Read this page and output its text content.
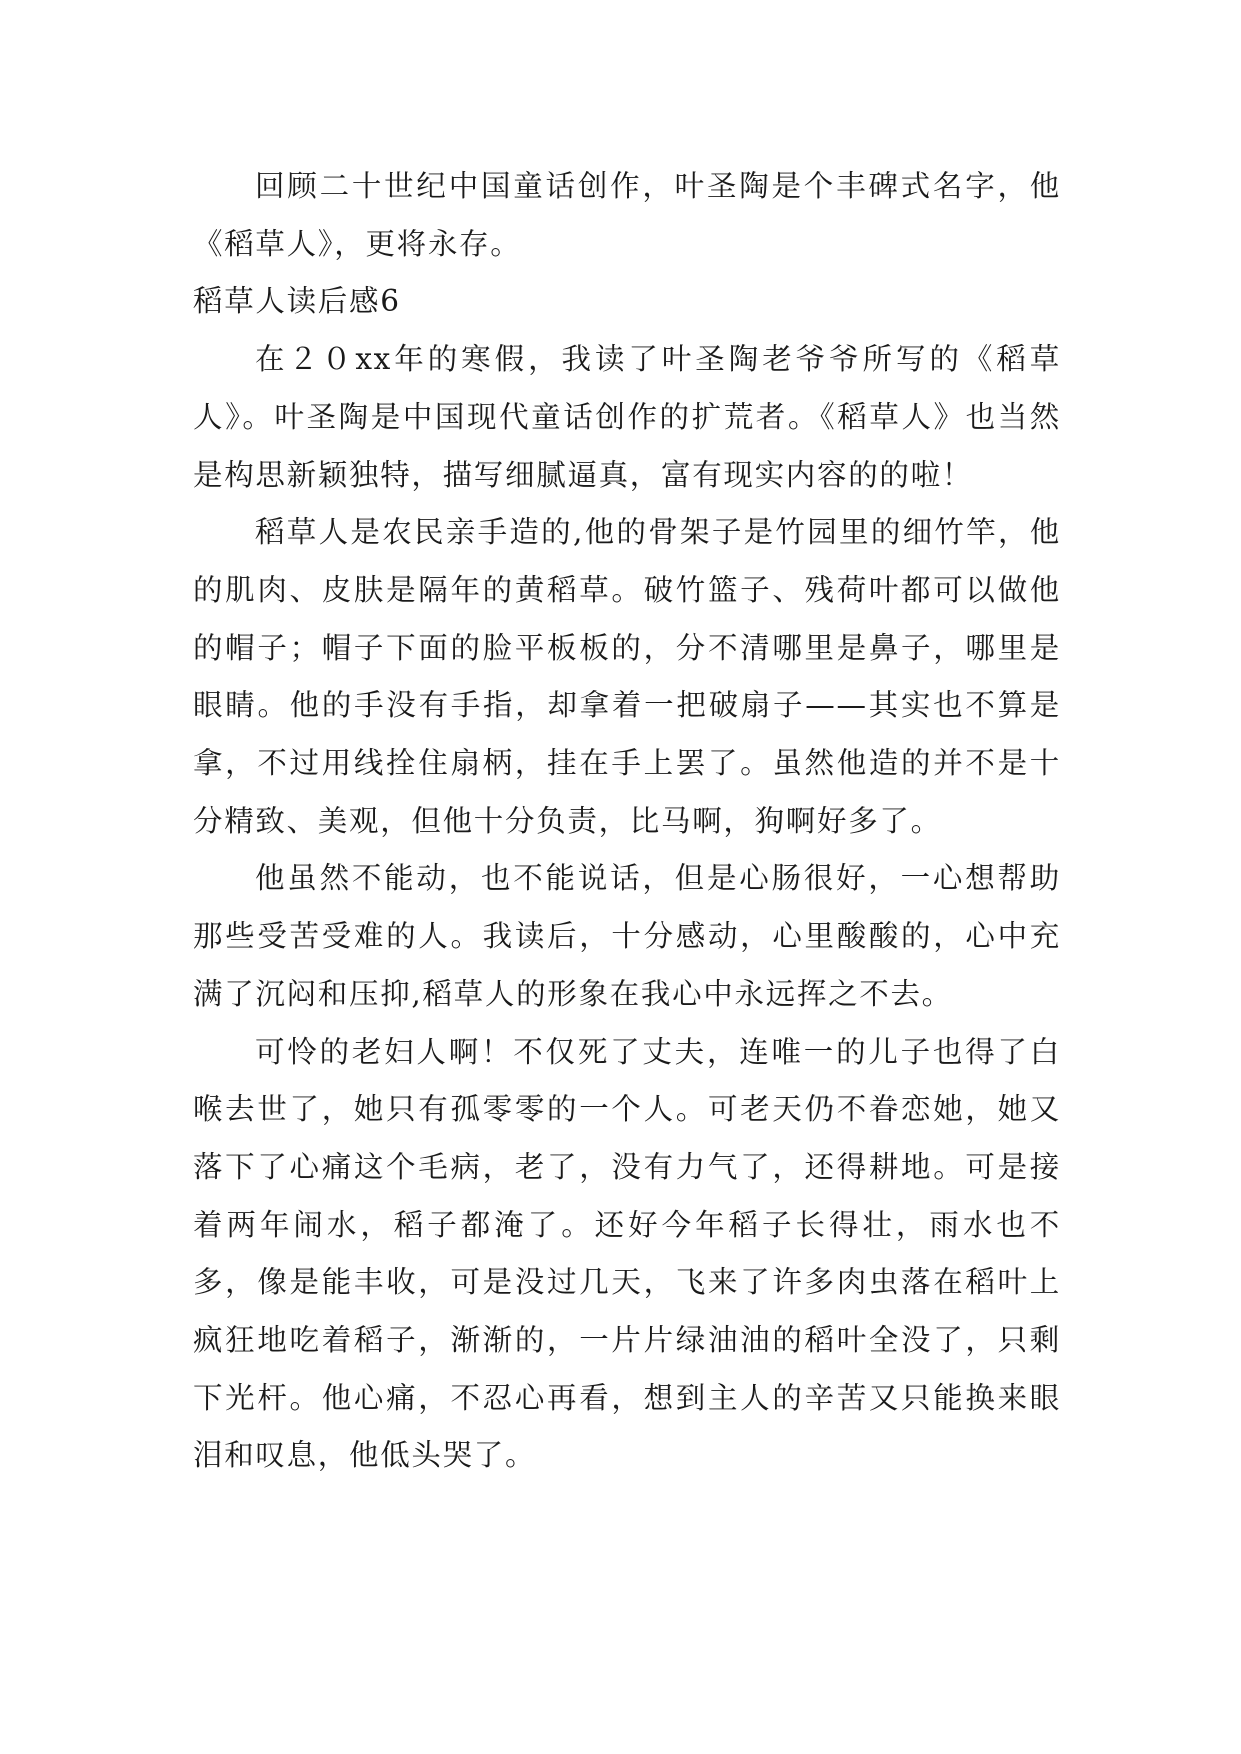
回顾二十世纪中国童话创作，叶圣陶是个丰碑式名字，他《稻草人》，更将永存。

稻草人读后感6

在２０xx年的寒假，我读了叶圣陶老爷爷所写的《稻草人》。叶圣陶是中国现代童话创作的扩荒者。《稻草人》也当然是构思新颖独特，描写细腻逼真，富有现实内容的的啦！

稻草人是农民亲手造的,他的骨架子是竹园里的细竹竿，他的肌肉、皮肤是隔年的黄稻草。破竹篮子、残荷叶都可以做他的帽子；帽子下面的脸平板板的，分不清哪里是鼻子，哪里是眼睛。他的手没有手指，却拿着一把破扇子——其实也不算是拿，不过用线拴住扇柄，挂在手上罢了。虽然他造的并不是十分精致、美观，但他十分负责，比马啊，狗啊好多了。

他虽然不能动，也不能说话，但是心肠很好，一心想帮助那些受苦受难的人。我读后，十分感动，心里酸酸的，心中充满了沉闷和压抑,稻草人的形象在我心中永远挥之不去。

可怜的老妇人啊！不仅死了丈夫，连唯一的儿子也得了白喉去世了，她只有孤零零的一个人。可老天仍不眷恋她，她又落下了心痛这个毛病，老了，没有力气了，还得耕地。可是接着两年闹水，稻子都淹了。还好今年稻子长得壮，雨水也不多，像是能丰收，可是没过几天，飞来了许多肉虫落在稻叶上疯狂地吃着稻子，渐渐的，一片片绿油油的稻叶全没了，只剩下光杆。他心痛，不忍心再看，想到主人的辛苦又只能换来眼泪和叹息，他低头哭了。
